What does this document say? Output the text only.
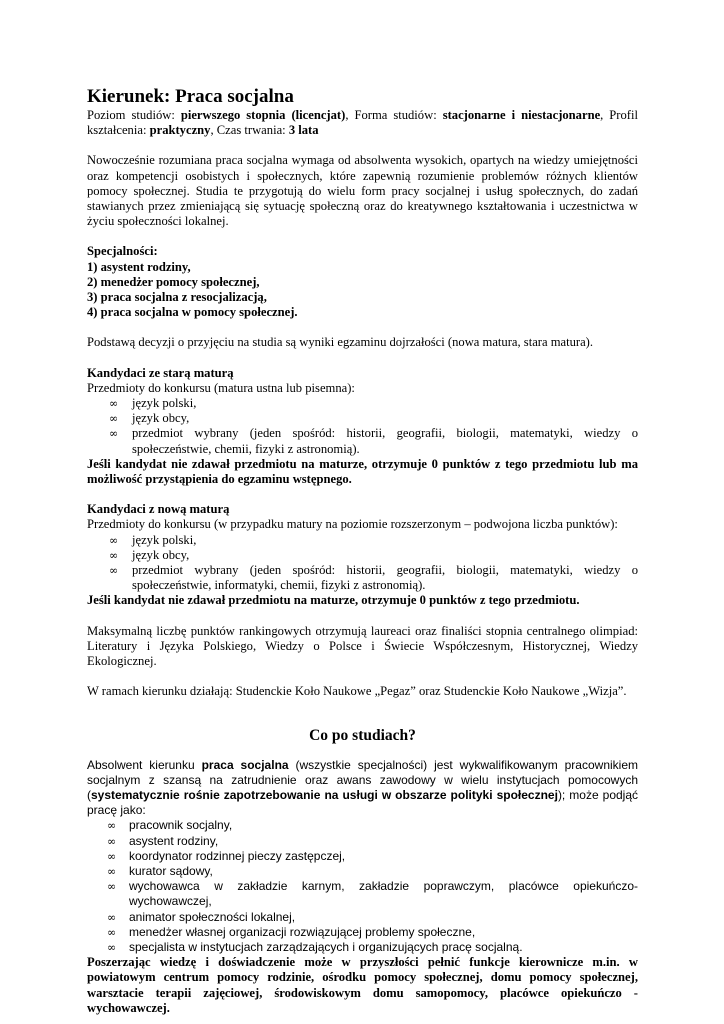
Kierunek: Praca socjalna

Poziom studiów: pierwszego stopnia (licencjat), Forma studiów: stacjonarne i niestacjonarne, Profil kształcenia: praktyczny, Czas trwania: 3 lata

Nowocześnie rozumiana praca socjalna wymaga od absolwenta wysokich, opartych na wiedzy umiejętności oraz kompetencji osobistych i społecznych, które zapewnią rozumienie problemów różnych klientów pomocy społecznej. Studia te przygotują do wielu form pracy socjalnej i usług społecznych, do zadań stawianych przez zmieniającą się sytuację społeczną oraz do kreatywnego kształtowania i uczestnictwa w życiu społeczności lokalnej.

Specjalności:

1) asystent rodziny,

2) menedżer pomocy społecznej,

3) praca socjalna z resocjalizacją,

4) praca socjalna w pomocy społecznej.

Podstawą decyzji o przyjęciu na studia są wyniki egzaminu dojrzałości (nowa matura, stara matura).

Kandydaci ze starą maturą

Przedmioty do konkursu (matura ustna lub pisemna):

∞ język polski,
∞ język obcy,
∞ przedmiot wybrany (jeden spośród: historii, geografii, biologii, matematyki, wiedzy o społeczeństwie, chemii, fizyki z astronomią).

Jeśli kandydat nie zdawał przedmiotu na maturze, otrzymuje 0 punktów z tego przedmiotu lub ma możliwość przystąpienia do egzaminu wstępnego.

Kandydaci z nową maturą

Przedmioty do konkursu (w przypadku matury na poziomie rozszerzonym – podwojona liczba punktów):

∞ język polski,
∞ język obcy,
∞ przedmiot wybrany (jeden spośród: historii, geografii, biologii, matematyki, wiedzy o społeczeństwie, informatyki, chemii, fizyki z astronomią).

Jeśli kandydat nie zdawał przedmiotu na maturze, otrzymuje 0 punktów z tego przedmiotu.

Maksymalną liczbę punktów rankingowych otrzymują laureaci oraz finaliści stopnia centralnego olimpiad: Literatury i Języka Polskiego, Wiedzy o Polsce i Świecie Współczesnym, Historycznej, Wiedzy Ekologicznej.

W ramach kierunku działają: Studenckie Koło Naukowe „Pegaz” oraz Studenckie Koło Naukowe „Wizja”.

Co po studiach?

Absolwent kierunku praca socjalna (wszystkie specjalności) jest wykwalifikowanym pracownikiem socjalnym z szansą na zatrudnienie oraz awans zawodowy w wielu instytucjach pomocowych (systematycznie rośnie zapotrzebowanie na usługi w obszarze polityki społecznej); może podjąć pracę jako:

∞ pracownik socjalny,
∞ asystent rodziny,
∞ koordynator rodzinnej pieczy zastępczej,
∞ kurator sądowy,
∞ wychowawca w zakładzie karnym, zakładzie poprawczym, placówce opiekuńczo-wychowawczej,
∞ animator społeczności lokalnej,
∞ menedżer własnej organizacji rozwiązującej problemy społeczne,
∞ specjalista w instytucjach zarządzających i organizujących pracę socjalną.

Poszerzając wiedzę i doświadczenie może w przyszłości pełnić funkcje kierownicze m.in. w powiatowym centrum pomocy rodzinie, ośrodku pomocy społecznej, domu pomocy społecznej, warsztacie terapii zajęciowej, środowiskowym domu samopomocy, placówce opiekuńczo - wychowawczej.
